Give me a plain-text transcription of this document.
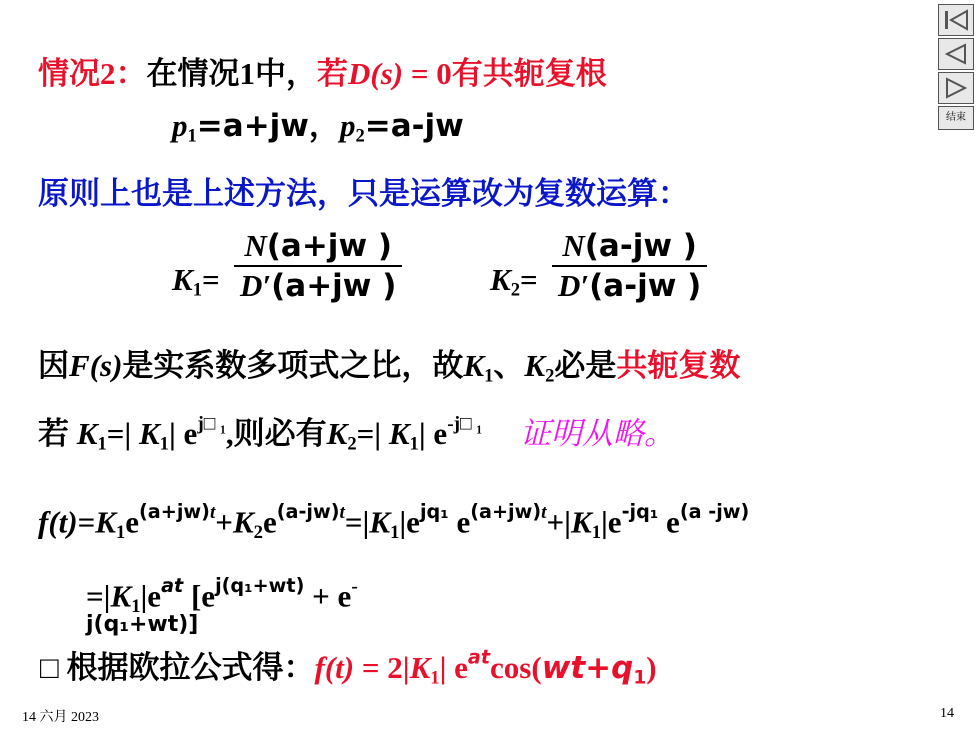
结束
情况2：在情况1中，若D(s) = 0有共轭复根
$p_1=a+jw$，$p_2=a-jw$
原则上也是上述方法，只是运算改为复数运算：
$K_1=$
N(a+jw )
D′(a+jw )	$K_2=$
N(a-jw )
D′(a-jw )
因F(s)是实系数多项式之比，故$K_1$、$K_2$必是共轭复数
若 $K_1=|$ $K_1|$ $e^{j□ _1}$,则必有$K_2=|$ $K_1|$ $e^{-j□ _1}$ 证明从略。
$f(t)=K_1e^{(a+jw)t}+K_2e^{(a-jw)t}=|K_1|e^{jq_1}$ $e^{(a+jw)t}+|K_1|e^{-jq_1}$ $e^{(a -jw)}$
$=|K_1|e^{at}$ [$e^{j(q_1+wt)} + e^-$
j(q₁+wt)]
□ 根据欧拉公式得：$f(t) = 2|K_1|$ $e^{at}\cos(wt+q_1)$
14 六月 2023	14
